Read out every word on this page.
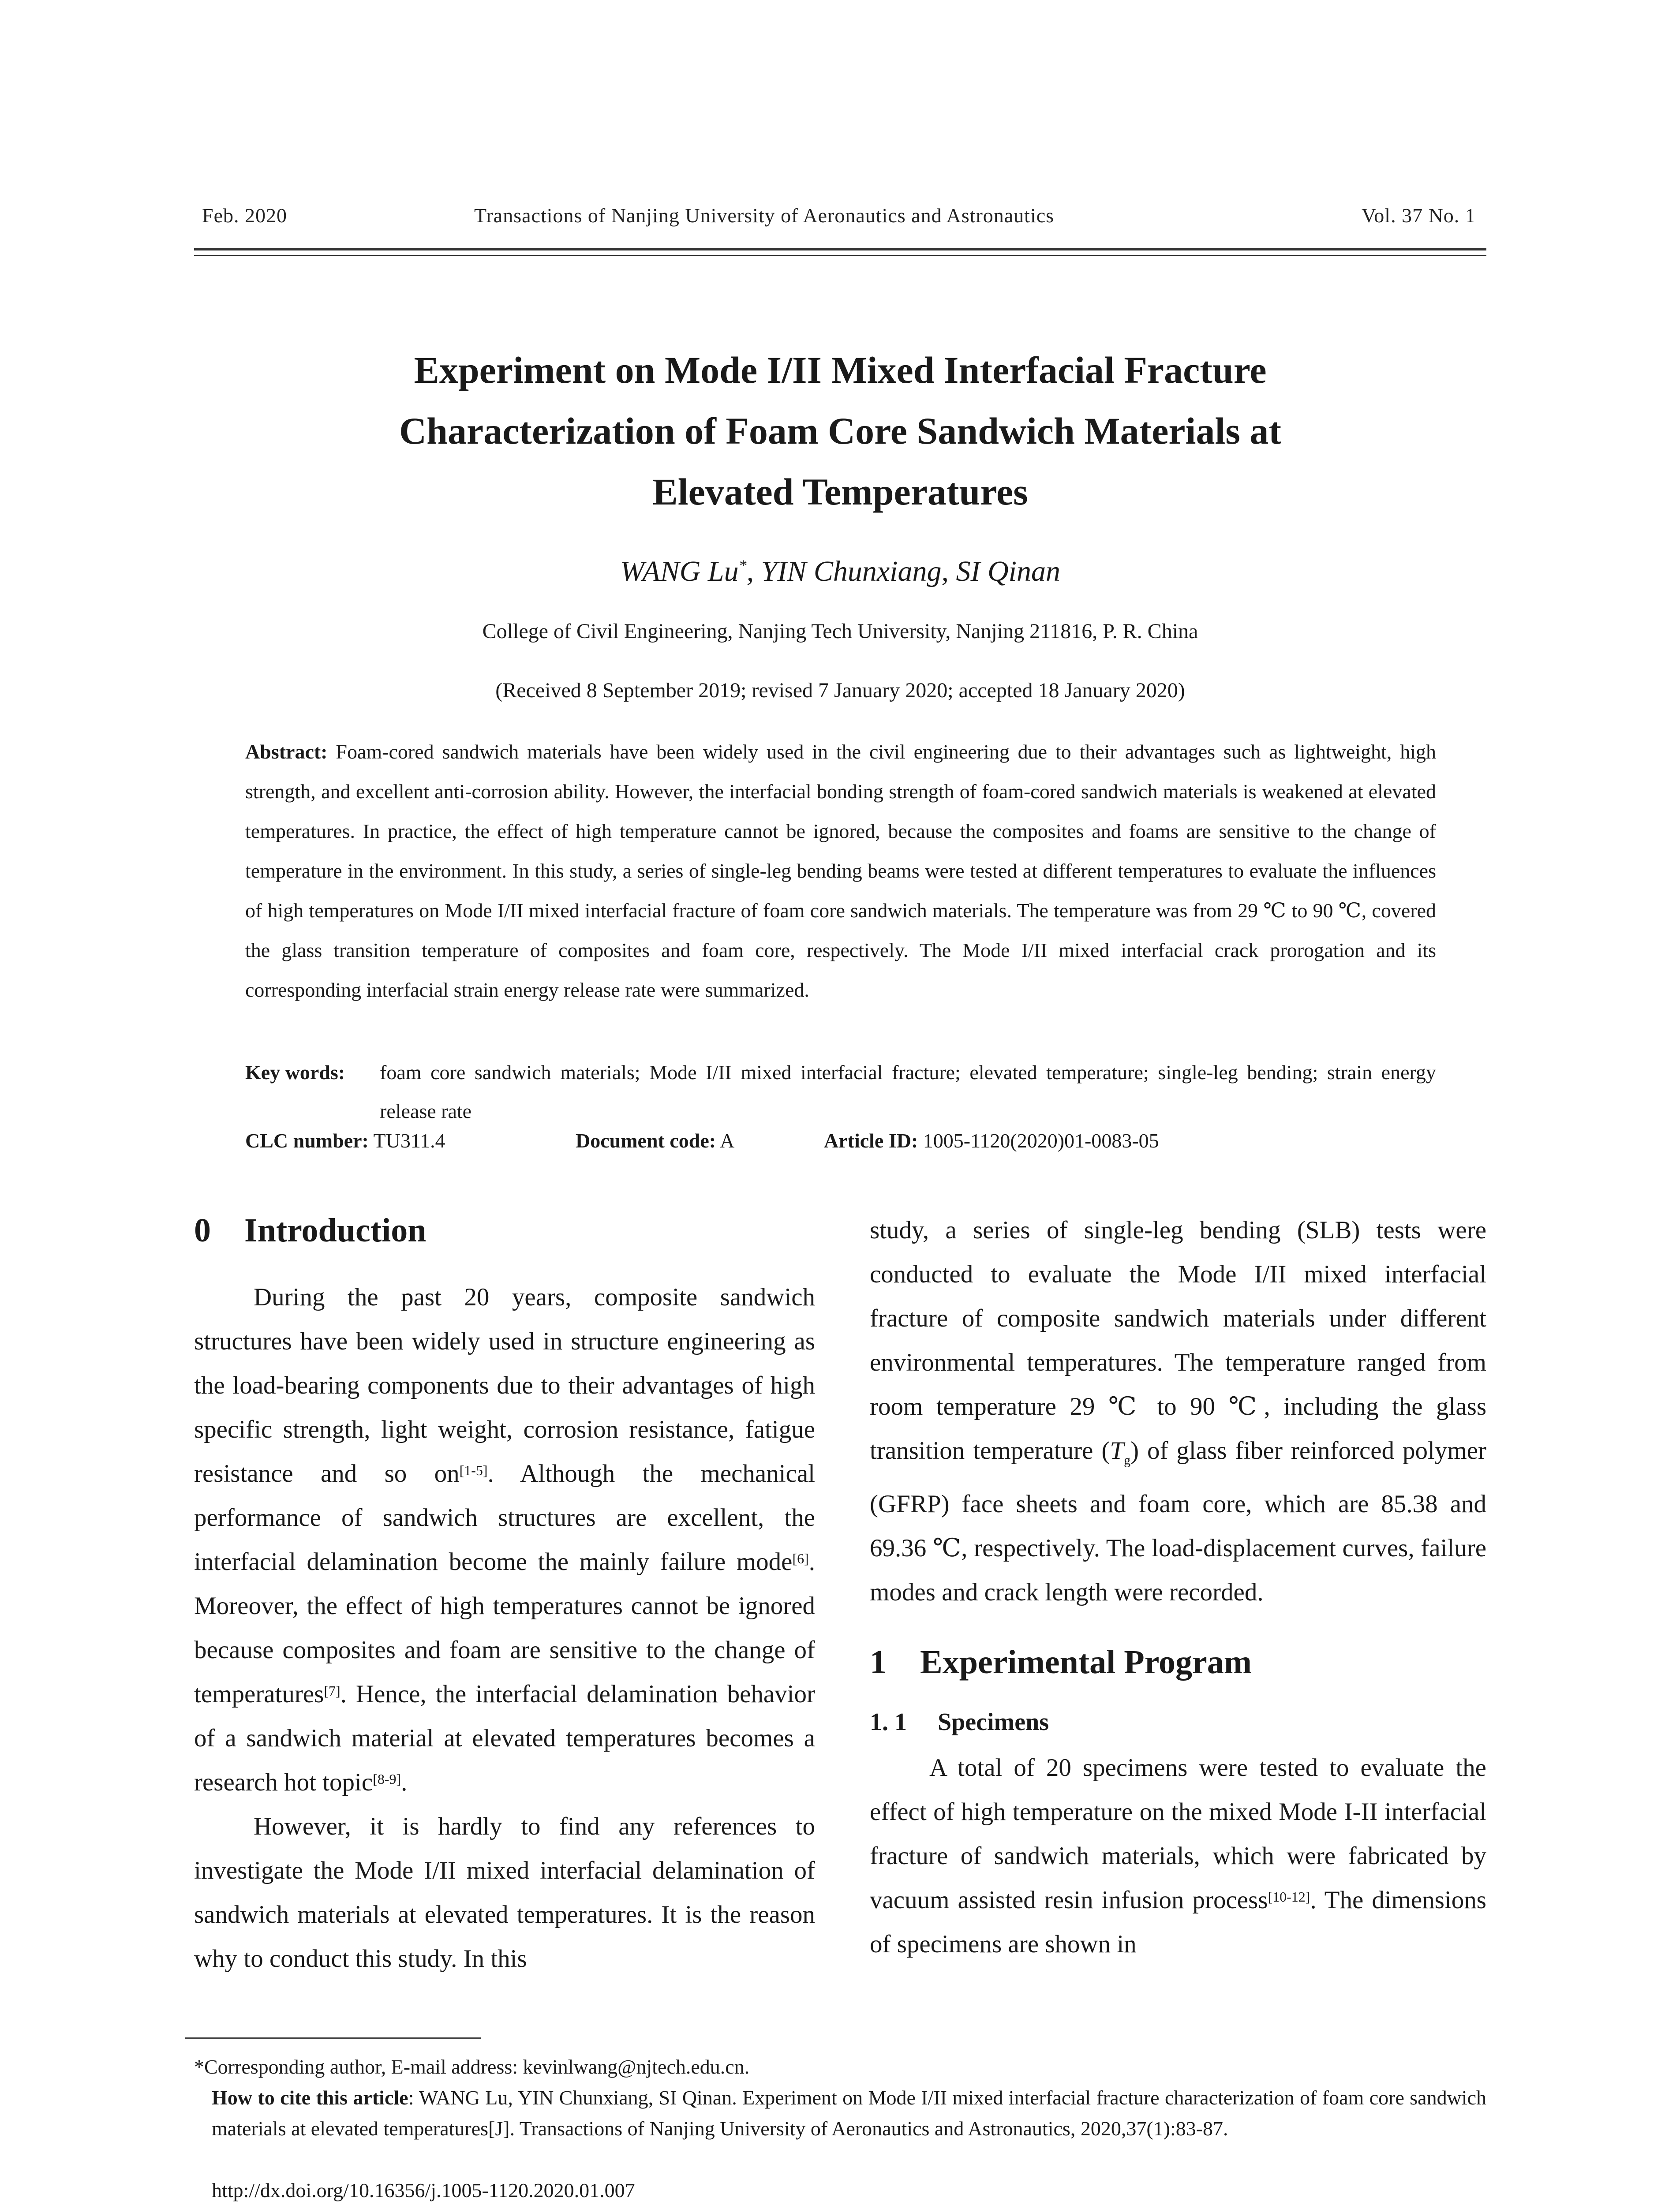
Feb. 2020	Transactions of Nanjing University of Aeronautics and Astronautics	Vol. 37 No. 1
Experiment on Mode I/II Mixed Interfacial Fracture
Characterization of Foam Core Sandwich Materials at
Elevated Temperatures
WANG Lu*, YIN Chunxiang, SI Qinan
College of Civil Engineering, Nanjing Tech University, Nanjing 211816, P. R. China
(Received 8 September 2019; revised 7 January 2020; accepted 18 January 2020)
Abstract: Foam-cored sandwich materials have been widely used in the civil engineering due to their advantages such as lightweight, high strength, and excellent anti-corrosion ability. However, the interfacial bonding strength of foam-cored sandwich materials is weakened at elevated temperatures. In practice, the effect of high temperature cannot be ignored, because the composites and foams are sensitive to the change of temperature in the environment. In this study, a series of single-leg bending beams were tested at different temperatures to evaluate the influences of high temperatures on Mode I/II mixed interfacial fracture of foam core sandwich materials. The temperature was from 29 ℃ to 90 ℃, covered the glass transition temperature of composites and foam core, respectively. The Mode I/II mixed interfacial crack prorogation and its corresponding interfacial strain energy release rate were summarized.
Key words: foam core sandwich materials; Mode I/II mixed interfacial fracture; elevated temperature; single-leg bending; strain energy release rate
CLC number: TU311.4	Document code: A	Article ID: 1005-1120(2020)01-0083-05
0 Introduction

During the past 20 years, composite sandwich structures have been widely used in structure engineering as the load-bearing components due to their advantages of high specific strength, light weight, corrosion resistance, fatigue resistance and so on[1-5]. Although the mechanical performance of sandwich structures are excellent, the interfacial delamination become the mainly failure mode[6]. Moreover, the effect of high temperatures cannot be ignored because composites and foam are sensitive to the change of temperatures[7]. Hence, the interfacial delamination behavior of a sandwich material at elevated temperatures becomes a research hot topic[8-9].

However, it is hardly to find any references to investigate the Mode I/II mixed interfacial delamination of sandwich materials at elevated temperatures. It is the reason why to conduct this study. In this

study, a series of single-leg bending (SLB) tests were conducted to evaluate the Mode I/II mixed interfacial fracture of composite sandwich materials under different environmental temperatures. The temperature ranged from room temperature 29 ℃ to 90 ℃, including the glass transition temperature $(T_g)$ of glass fiber reinforced polymer (GFRP) face sheets and foam core, which are 85.38 and 69.36 ℃, respectively. The load-displacement curves, failure modes and crack length were recorded.

1 Experimental Program
1. 1 Specimens

A total of 20 specimens were tested to evaluate the effect of high temperature on the mixed Mode I-II interfacial fracture of sandwich materials, which were fabricated by vacuum assisted resin infusion process[10-12]. The dimensions of specimens are shown in

*Corresponding author, E-mail address: kevinlwang@njtech.edu.cn.
How to cite this article: WANG Lu, YIN Chunxiang, SI Qinan. Experiment on Mode I/II mixed interfacial fracture characterization of foam core sandwich materials at elevated temperatures[J]. Transactions of Nanjing University of Aeronautics and Astronautics, 2020,37(1):83-87.
http://dx.doi.org/10.16356/j.1005-1120.2020.01.007
